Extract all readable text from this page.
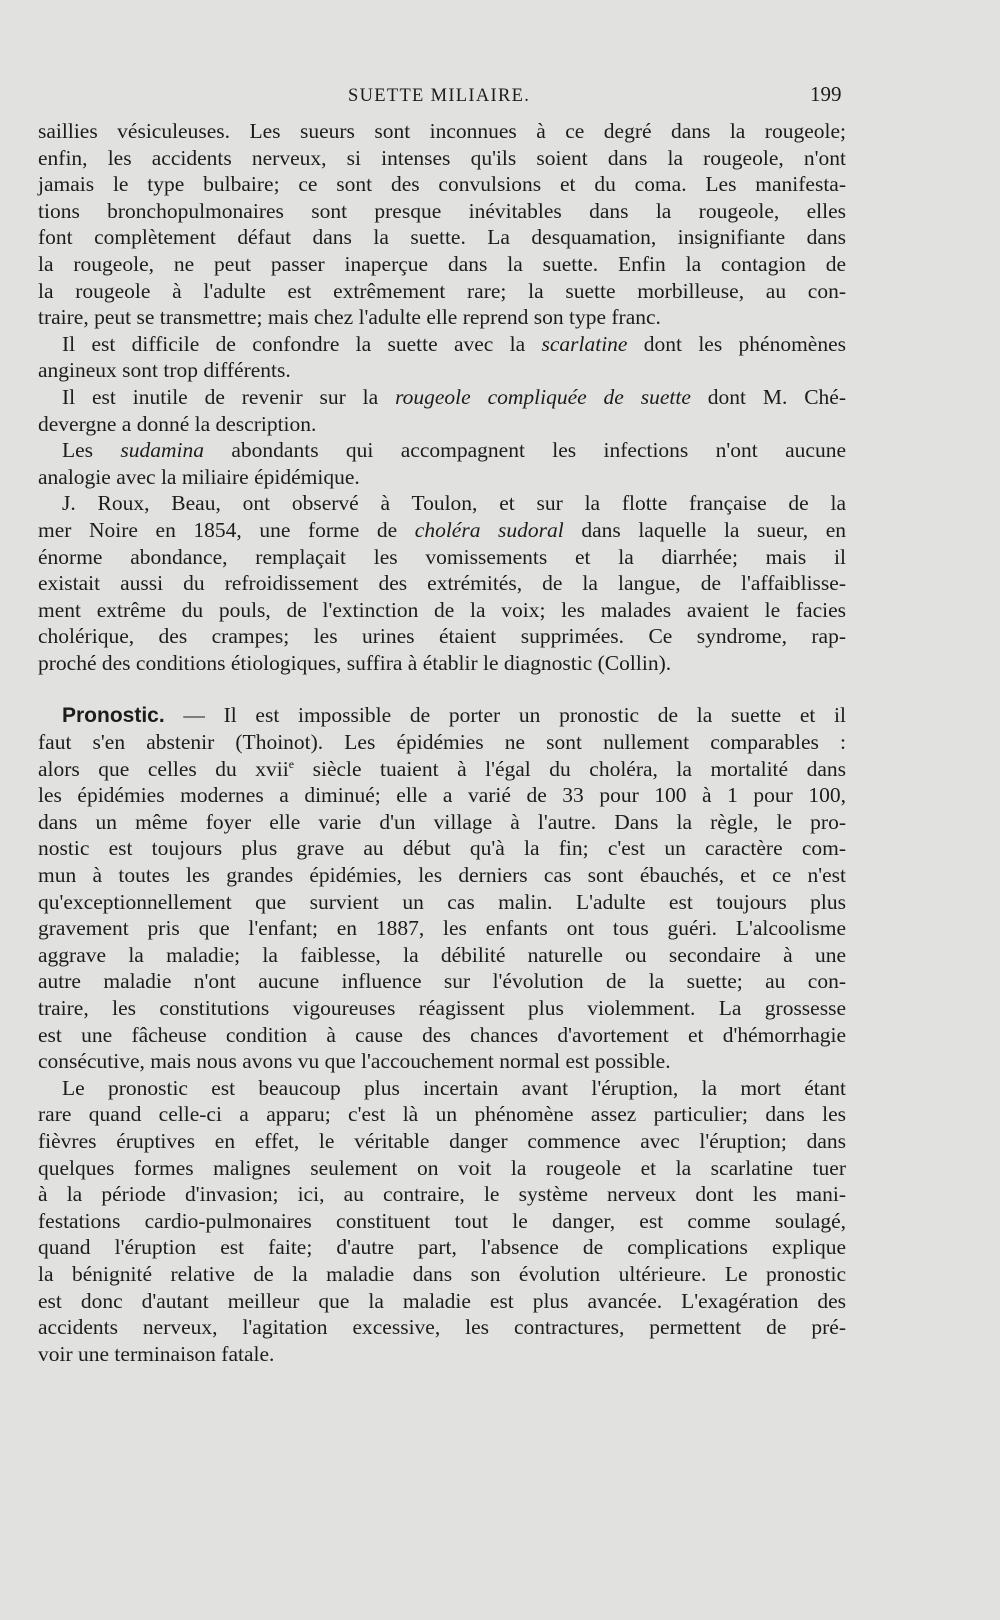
SUETTE MILIAIRE.	199
saillies vésiculeuses. Les sueurs sont inconnues à ce degré dans la rougeole;
enfin, les accidents nerveux, si intenses qu'ils soient dans la rougeole, n'ont
jamais le type bulbaire; ce sont des convulsions et du coma. Les manifesta-
tions bronchopulmonaires sont presque inévitables dans la rougeole, elles
font complètement défaut dans la suette. La desquamation, insignifiante dans
la rougeole, ne peut passer inaperçue dans la suette. Enfin la contagion de
la rougeole à l'adulte est extrêmement rare; la suette morbilleuse, au con-
traire, peut se transmettre; mais chez l'adulte elle reprend son type franc.
Il est difficile de confondre la suette avec la scarlatine dont les phénomènes
angineux sont trop différents.
Il est inutile de revenir sur la rougeole compliquée de suette dont M. Ché-
devergne a donné la description.
Les sudamina abondants qui accompagnent les infections n'ont aucune
analogie avec la miliaire épidémique.
J. Roux, Beau, ont observé à Toulon, et sur la flotte française de la
mer Noire en 1854, une forme de choléra sudoral dans laquelle la sueur, en
énorme abondance, remplaçait les vomissements et la diarrhée; mais il
existait aussi du refroidissement des extrémités, de la langue, de l'affaiblisse-
ment extrême du pouls, de l'extinction de la voix; les malades avaient le facies
cholérique, des crampes; les urines étaient supprimées. Ce syndrome, rap-
proché des conditions étiologiques, suffira à établir le diagnostic (Collin).
Pronostic. — Il est impossible de porter un pronostic de la suette et il
faut s'en abstenir (Thoinot). Les épidémies ne sont nullement comparables :
alors que celles du xvii$^e$ siècle tuaient à l'égal du choléra, la mortalité dans
les épidémies modernes a diminué; elle a varié de 33 pour 100 à 1 pour 100,
dans un même foyer elle varie d'un village à l'autre. Dans la règle, le pro-
nostic est toujours plus grave au début qu'à la fin; c'est un caractère com-
mun à toutes les grandes épidémies, les derniers cas sont ébauchés, et ce n'est
qu'exceptionnellement que survient un cas malin. L'adulte est toujours plus
gravement pris que l'enfant; en 1887, les enfants ont tous guéri. L'alcoolisme
aggrave la maladie; la faiblesse, la débilité naturelle ou secondaire à une
autre maladie n'ont aucune influence sur l'évolution de la suette; au con-
traire, les constitutions vigoureuses réagissent plus violemment. La grossesse
est une fâcheuse condition à cause des chances d'avortement et d'hémorrhagie
consécutive, mais nous avons vu que l'accouchement normal est possible.
Le pronostic est beaucoup plus incertain avant l'éruption, la mort étant
rare quand celle-ci a apparu; c'est là un phénomène assez particulier; dans les
fièvres éruptives en effet, le véritable danger commence avec l'éruption; dans
quelques formes malignes seulement on voit la rougeole et la scarlatine tuer
à la période d'invasion; ici, au contraire, le système nerveux dont les mani-
festations cardio-pulmonaires constituent tout le danger, est comme soulagé,
quand l'éruption est faite; d'autre part, l'absence de complications explique
la bénignité relative de la maladie dans son évolution ultérieure. Le pronostic
est donc d'autant meilleur que la maladie est plus avancée. L'exagération des
accidents nerveux, l'agitation excessive, les contractures, permettent de pré-
voir une terminaison fatale.
